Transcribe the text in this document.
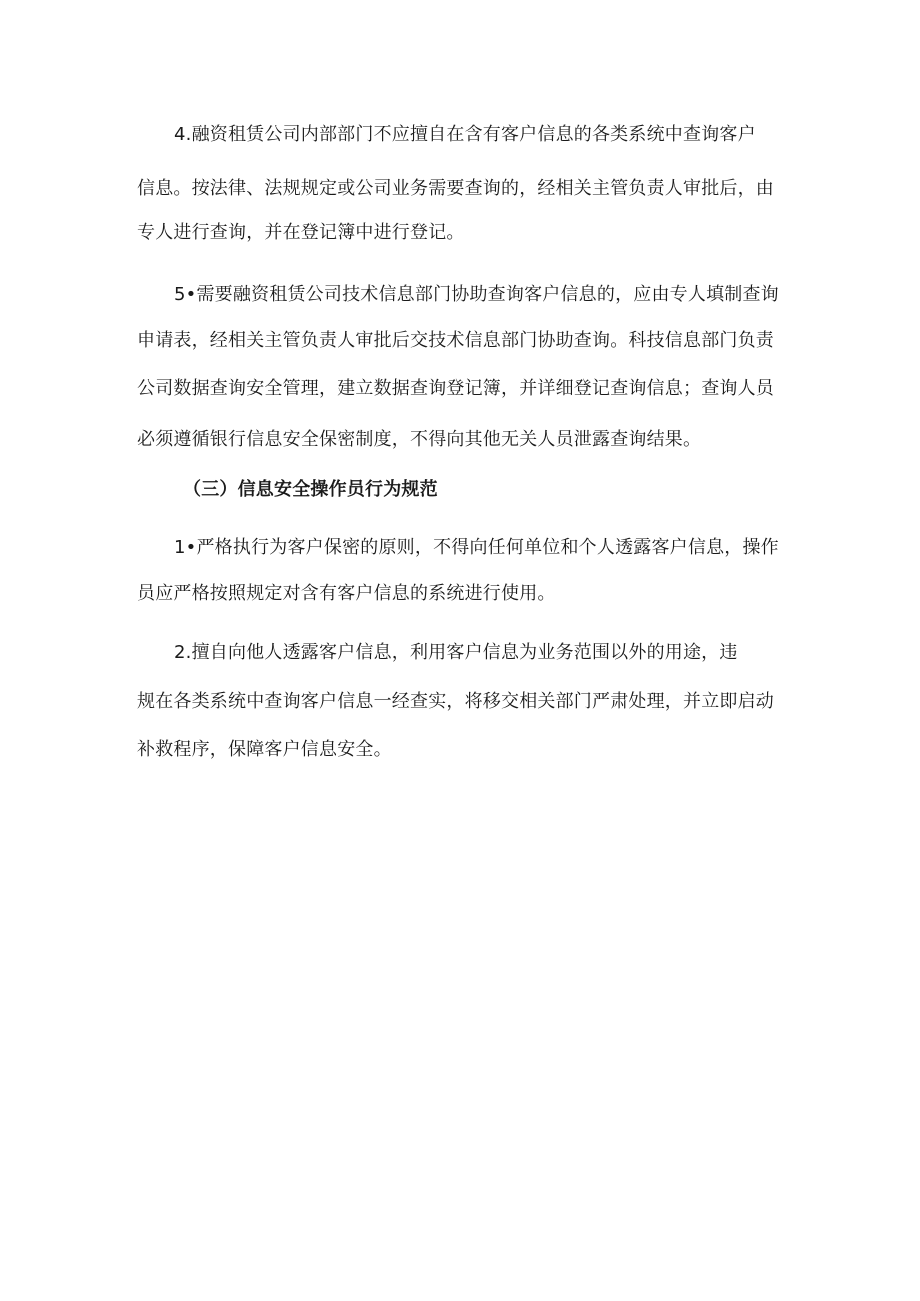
4.融资租赁公司内部部门不应擅自在含有客户信息的各类系统中查询客户
信息。按法律、法规规定或公司业务需要查询的，经相关主管负责人审批后，由
专人进行查询，并在登记簿中进行登记。
5•需要融资租赁公司技术信息部门协助查询客户信息的，应由专人填制查询
申请表，经相关主管负责人审批后交技术信息部门协助查询。科技信息部门负责
公司数据查询安全管理，建立数据查询登记簿，并详细登记查询信息；查询人员
必须遵循银行信息安全保密制度，不得向其他无关人员泄露查询结果。
（三）信息安全操作员行为规范
1•严格执行为客户保密的原则，不得向任何单位和个人透露客户信息，操作
员应严格按照规定对含有客户信息的系统进行使用。
2.擅自向他人透露客户信息，利用客户信息为业务范围以外的用途，违
规在各类系统中查询客户信息一经查实，将移交相关部门严肃处理，并立即启动
补救程序，保障客户信息安全。
